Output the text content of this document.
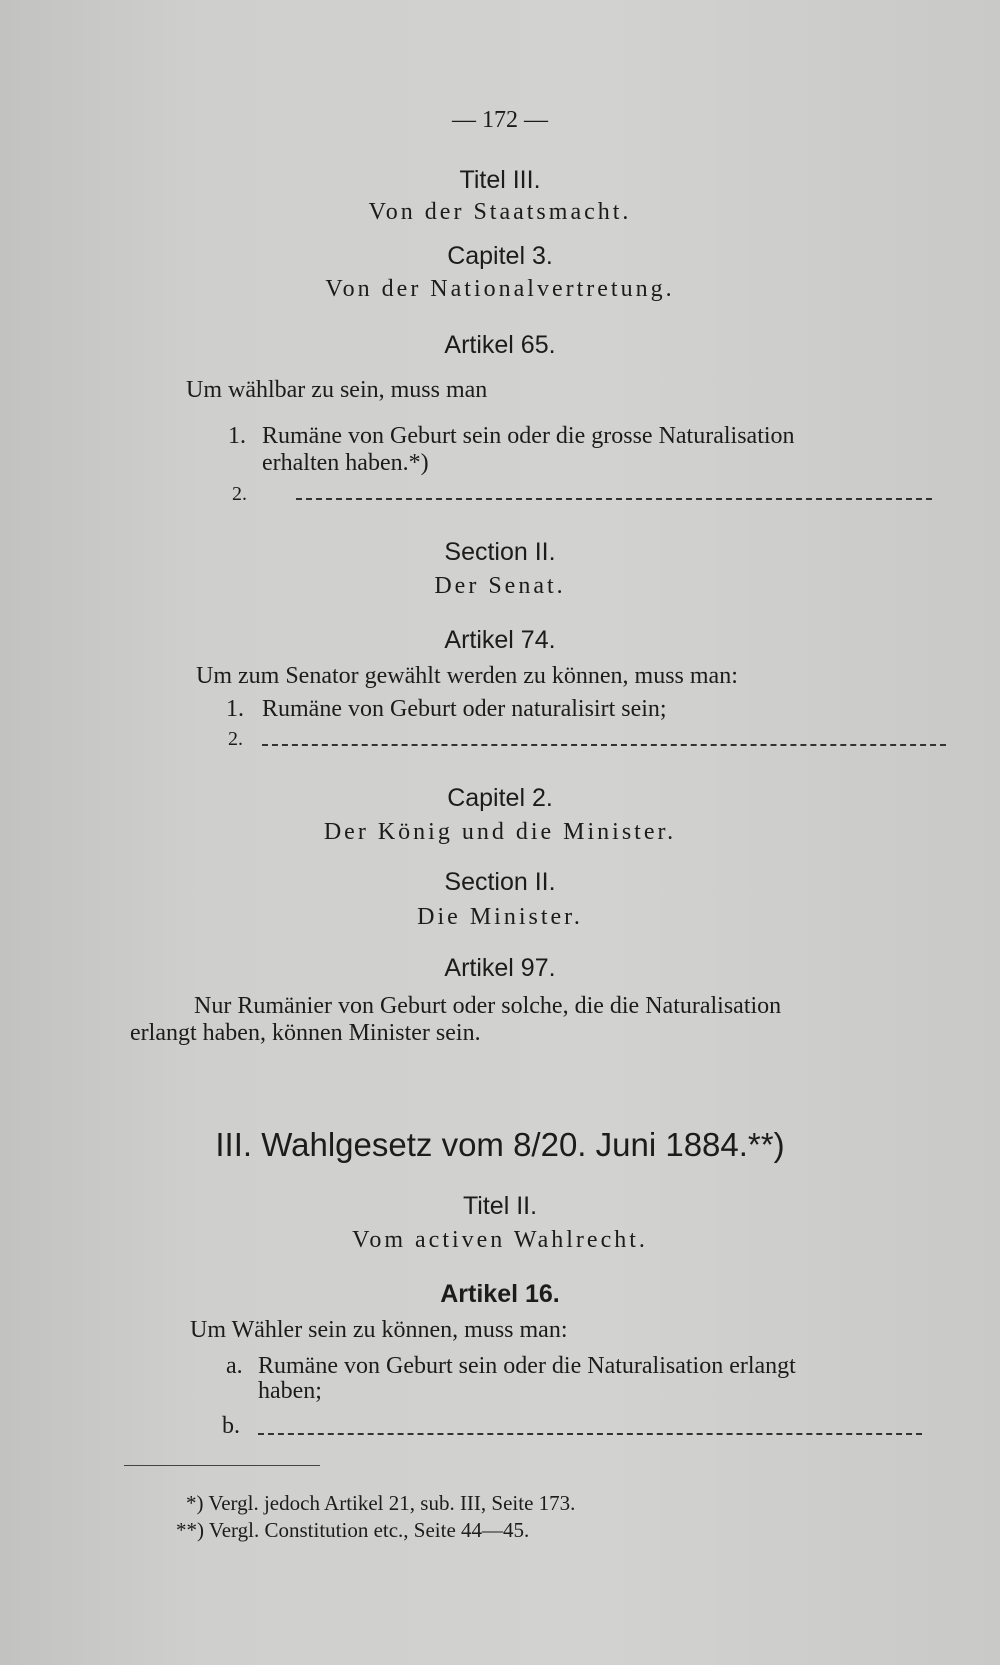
— 172 —
Titel III.
Von der Staatsmacht.
Capitel 3.
Von der Nationalvertretung.
Artikel 65.
Um wählbar zu sein, muss man
1. Rumäne von Geburt sein oder die grosse Naturalisation
erhalten haben.*)
2.
Section II.
Der Senat.
Artikel 74.
Um zum Senator gewählt werden zu können, muss man:
1. Rumäne von Geburt oder naturalisirt sein;
2.
Capitel 2.
Der König und die Minister.
Section II.
Die Minister.
Artikel 97.
Nur Rumänier von Geburt oder solche, die die Naturalisation
erlangt haben, können Minister sein.
III. Wahlgesetz vom 8/20. Juni 1884.**)
Titel II.
Vom activen Wahlrecht.
Artikel 16.
Um Wähler sein zu können, muss man:
a. Rumäne von Geburt sein oder die Naturalisation erlangt
haben;
b.
*) Vergl. jedoch Artikel 21, sub. III, Seite 173.
**) Vergl. Constitution etc., Seite 44—45.
